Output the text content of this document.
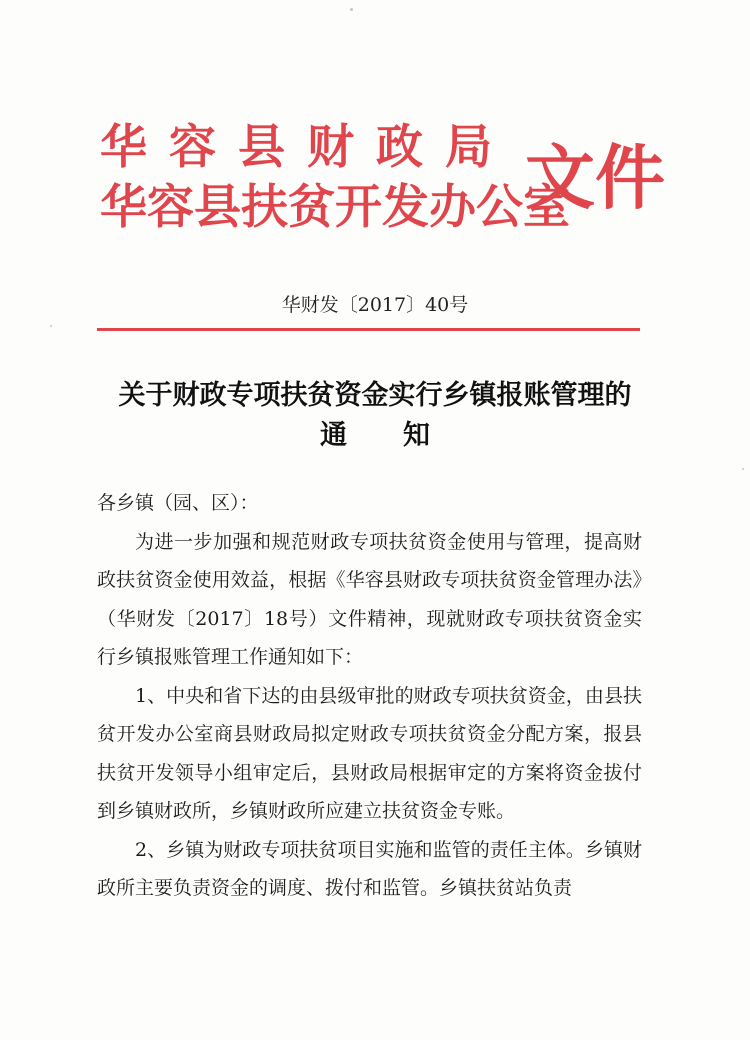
华容县财政局
华容县扶贫开发办公室
文件
华财发〔2017〕40号
关于财政专项扶贫资金实行乡镇报账管理的
通知

各乡镇（园、区）：

为进一步加强和规范财政专项扶贫资金使用与管理，提高财政扶贫资金使用效益，根据《华容县财政专项扶贫资金管理办法》（华财发〔2017〕18号）文件精神，现就财政专项扶贫资金实行乡镇报账管理工作通知如下：

1、中央和省下达的由县级审批的财政专项扶贫资金，由县扶贫开发办公室商县财政局拟定财政专项扶贫资金分配方案，报县扶贫开发领导小组审定后，县财政局根据审定的方案将资金拔付到乡镇财政所，乡镇财政所应建立扶贫资金专账。

2、乡镇为财政专项扶贫项目实施和监管的责任主体。乡镇财政所主要负责资金的调度、拨付和监管。乡镇扶贫站负责
